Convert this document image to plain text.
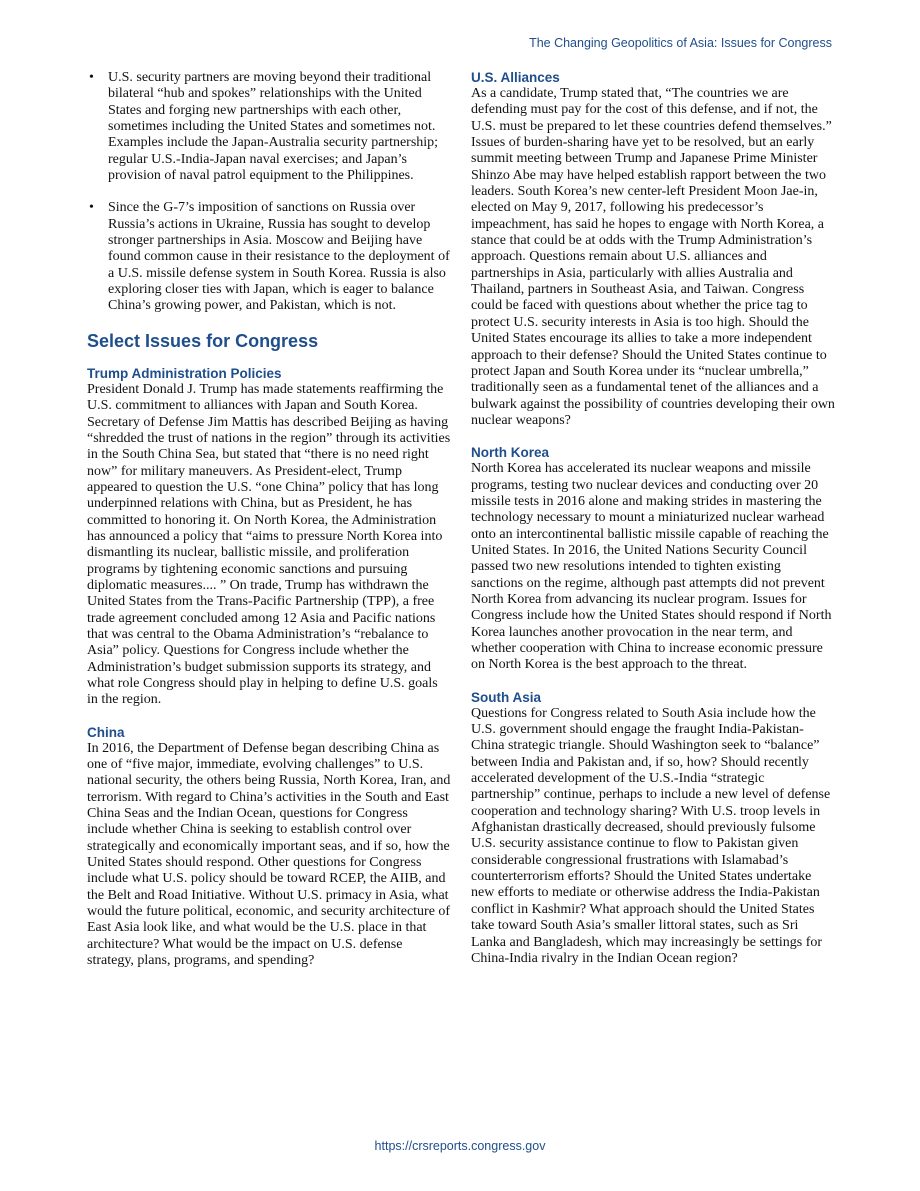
The Changing Geopolitics of Asia: Issues for Congress
• U.S. security partners are moving beyond their traditional bilateral “hub and spokes” relationships with the United States and forging new partnerships with each other, sometimes including the United States and sometimes not. Examples include the Japan-Australia security partnership; regular U.S.-India-Japan naval exercises; and Japan’s provision of naval patrol equipment to the Philippines.
• Since the G-7’s imposition of sanctions on Russia over Russia’s actions in Ukraine, Russia has sought to develop stronger partnerships in Asia. Moscow and Beijing have found common cause in their resistance to the deployment of a U.S. missile defense system in South Korea. Russia is also exploring closer ties with Japan, which is eager to balance China’s growing power, and Pakistan, which is not.
Select Issues for Congress
Trump Administration Policies

President Donald J. Trump has made statements reaffirming the U.S. commitment to alliances with Japan and South Korea. Secretary of Defense Jim Mattis has described Beijing as having “shredded the trust of nations in the region” through its activities in the South China Sea, but stated that “there is no need right now” for military maneuvers. As President-elect, Trump appeared to question the U.S. “one China” policy that has long underpinned relations with China, but as President, he has committed to honoring it. On North Korea, the Administration has announced a policy that “aims to pressure North Korea into dismantling its nuclear, ballistic missile, and proliferation programs by tightening economic sanctions and pursuing diplomatic measures.... ” On trade, Trump has withdrawn the United States from the Trans-Pacific Partnership (TPP), a free trade agreement concluded among 12 Asia and Pacific nations that was central to the Obama Administration’s “rebalance to Asia” policy. Questions for Congress include whether the Administration’s budget submission supports its strategy, and what role Congress should play in helping to define U.S. goals in the region.

China

In 2016, the Department of Defense began describing China as one of “five major, immediate, evolving challenges” to U.S. national security, the others being Russia, North Korea, Iran, and terrorism. With regard to China’s activities in the South and East China Seas and the Indian Ocean, questions for Congress include whether China is seeking to establish control over strategically and economically important seas, and if so, how the United States should respond. Other questions for Congress include what U.S. policy should be toward RCEP, the AIIB, and the Belt and Road Initiative. Without U.S. primacy in Asia, what would the future political, economic, and security architecture of East Asia look like, and what would be the U.S. place in that architecture? What would be the impact on U.S. defense strategy, plans, programs, and spending?

U.S. Alliances

As a candidate, Trump stated that, “The countries we are defending must pay for the cost of this defense, and if not, the U.S. must be prepared to let these countries defend themselves.” Issues of burden-sharing have yet to be resolved, but an early summit meeting between Trump and Japanese Prime Minister Shinzo Abe may have helped establish rapport between the two leaders. South Korea’s new center-left President Moon Jae-in, elected on May 9, 2017, following his predecessor’s impeachment, has said he hopes to engage with North Korea, a stance that could be at odds with the Trump Administration’s approach. Questions remain about U.S. alliances and partnerships in Asia, particularly with allies Australia and Thailand, partners in Southeast Asia, and Taiwan. Congress could be faced with questions about whether the price tag to protect U.S. security interests in Asia is too high. Should the United States encourage its allies to take a more independent approach to their defense? Should the United States continue to protect Japan and South Korea under its “nuclear umbrella,” traditionally seen as a fundamental tenet of the alliances and a bulwark against the possibility of countries developing their own nuclear weapons?

North Korea

North Korea has accelerated its nuclear weapons and missile programs, testing two nuclear devices and conducting over 20 missile tests in 2016 alone and making strides in mastering the technology necessary to mount a miniaturized nuclear warhead onto an intercontinental ballistic missile capable of reaching the United States. In 2016, the United Nations Security Council passed two new resolutions intended to tighten existing sanctions on the regime, although past attempts did not prevent North Korea from advancing its nuclear program. Issues for Congress include how the United States should respond if North Korea launches another provocation in the near term, and whether cooperation with China to increase economic pressure on North Korea is the best approach to the threat.

South Asia

Questions for Congress related to South Asia include how the U.S. government should engage the fraught India-Pakistan-China strategic triangle. Should Washington seek to “balance” between India and Pakistan and, if so, how? Should recently accelerated development of the U.S.-India “strategic partnership” continue, perhaps to include a new level of defense cooperation and technology sharing? With U.S. troop levels in Afghanistan drastically decreased, should previously fulsome U.S. security assistance continue to flow to Pakistan given considerable congressional frustrations with Islamabad’s counterterrorism efforts? Should the United States undertake new efforts to mediate or otherwise address the India-Pakistan conflict in Kashmir? What approach should the United States take toward South Asia’s smaller littoral states, such as Sri Lanka and Bangladesh, which may increasingly be settings for China-India rivalry in the Indian Ocean region?

https://crsreports.congress.gov
